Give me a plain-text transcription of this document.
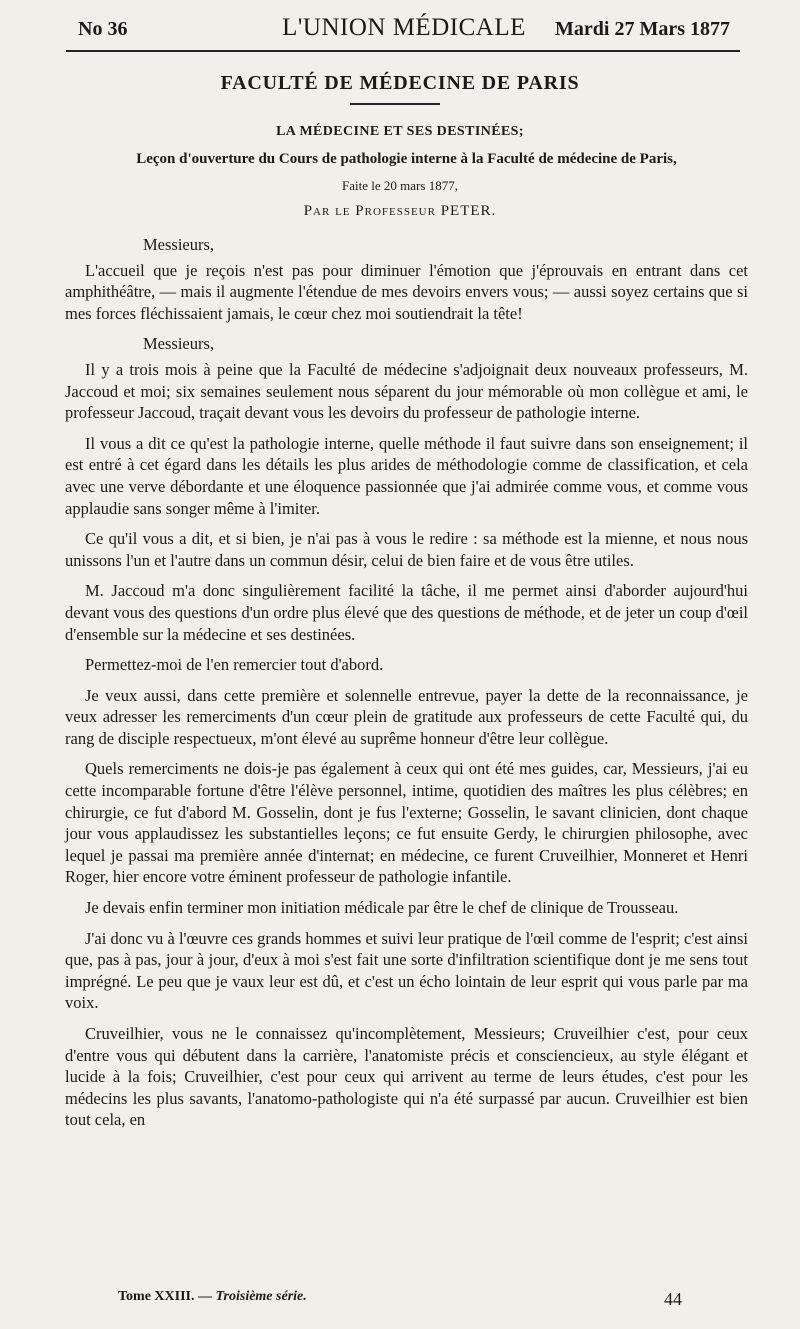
No 36	L'UNION MÉDICALE	Mardi 27 Mars 1877
FACULTÉ DE MÉDECINE DE PARIS
LA MÉDECINE ET SES DESTINÉES;
Leçon d'ouverture du Cours de pathologie interne à la Faculté de médecine de Paris,
Faite le 20 mars 1877,
Par le Professeur PETER.

Messieurs,

L'accueil que je reçois n'est pas pour diminuer l'émotion que j'éprouvais en entrant dans cet amphithéâtre, — mais il augmente l'étendue de mes devoirs envers vous; — aussi soyez certains que si mes forces fléchissaient jamais, le cœur chez moi soutiendrait la tête!

Messieurs,

Il y a trois mois à peine que la Faculté de médecine s'adjoignait deux nouveaux professeurs, M. Jaccoud et moi; six semaines seulement nous séparent du jour mémorable où mon collègue et ami, le professeur Jaccoud, traçait devant vous les devoirs du professeur de pathologie interne.

Il vous a dit ce qu'est la pathologie interne, quelle méthode il faut suivre dans son enseignement; il est entré à cet égard dans les détails les plus arides de méthodologie comme de classification, et cela avec une verve débordante et une éloquence passionnée que j'ai admirée comme vous, et comme vous applaudie sans songer même à l'imiter.

Ce qu'il vous a dit, et si bien, je n'ai pas à vous le redire : sa méthode est la mienne, et nous nous unissons l'un et l'autre dans un commun désir, celui de bien faire et de vous être utiles.

M. Jaccoud m'a donc singulièrement facilité la tâche, il me permet ainsi d'aborder aujourd'hui devant vous des questions d'un ordre plus élevé que des questions de méthode, et de jeter un coup d'œil d'ensemble sur la médecine et ses destinées.

Permettez-moi de l'en remercier tout d'abord.

Je veux aussi, dans cette première et solennelle entrevue, payer la dette de la reconnaissance, je veux adresser les remerciments d'un cœur plein de gratitude aux professeurs de cette Faculté qui, du rang de disciple respectueux, m'ont élevé au suprême honneur d'être leur collègue.

Quels remerciments ne dois-je pas également à ceux qui ont été mes guides, car, Messieurs, j'ai eu cette incomparable fortune d'être l'élève personnel, intime, quotidien des maîtres les plus célèbres; en chirurgie, ce fut d'abord M. Gosselin, dont je fus l'externe; Gosselin, le savant clinicien, dont chaque jour vous applaudissez les substantielles leçons; ce fut ensuite Gerdy, le chirurgien philosophe, avec lequel je passai ma première année d'internat; en médecine, ce furent Cruveilhier, Monneret et Henri Roger, hier encore votre éminent professeur de pathologie infantile.

Je devais enfin terminer mon initiation médicale par être le chef de clinique de Trousseau.

J'ai donc vu à l'œuvre ces grands hommes et suivi leur pratique de l'œil comme de l'esprit; c'est ainsi que, pas à pas, jour à jour, d'eux à moi s'est fait une sorte d'infiltration scientifique dont je me sens tout imprégné. Le peu que je vaux leur est dû, et c'est un écho lointain de leur esprit qui vous parle par ma voix.

Cruveilhier, vous ne le connaissez qu'incomplètement, Messieurs; Cruveilhier c'est, pour ceux d'entre vous qui débutent dans la carrière, l'anatomiste précis et consciencieux, au style élégant et lucide à la fois; Cruveilhier, c'est pour ceux qui arrivent au terme de leurs études, c'est pour les médecins les plus savants, l'anatomo-pathologiste qui n'a été surpassé par aucun. Cruveilhier est bien tout cela, en

Tome XXIII. — Troisième série.	44
